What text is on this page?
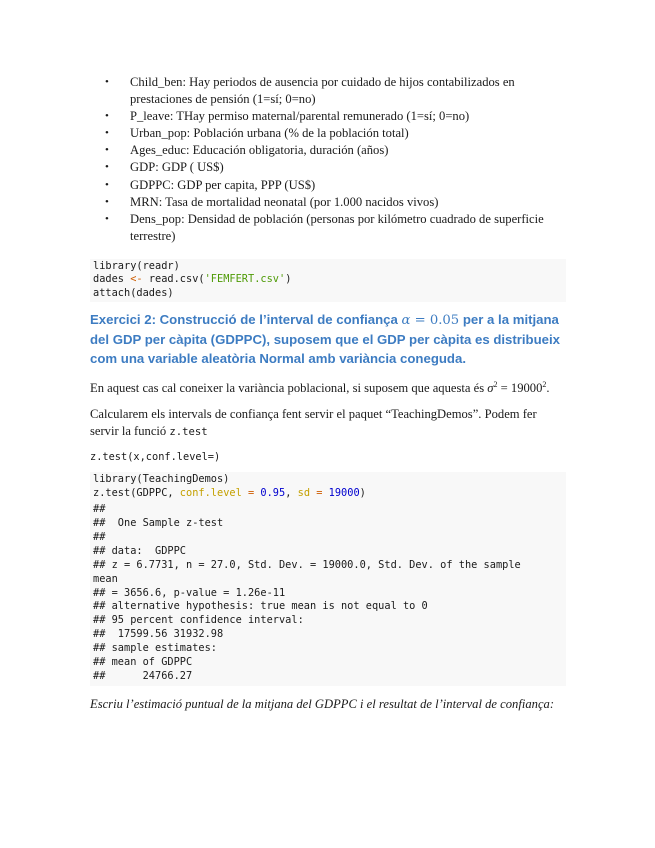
• Child_ben: Hay periodos de ausencia por cuidado de hijos contabilizados en prestaciones de pensión (1=sí; 0=no)
• P_leave: THay permiso maternal/parental remunerado (1=sí; 0=no)
• Urban_pop: Población urbana (% de la población total)
• Ages_educ: Educación obligatoria, duración (años)
• GDP: GDP ( US$)
• GDPPC: GDP per capita, PPP (US$)
• MRN: Tasa de mortalidad neonatal (por 1.000 nacidos vivos)
• Dens_pop: Densidad de población (personas por kilómetro cuadrado de superficie terrestre)
library(readr)
dades <- read.csv('FEMFERT.csv')
attach(dades)
Exercici 2: Construcció de l’interval de confiança α = 0.05 per a la mitjana del GDP per càpita (GDPPC), suposem que el GDP per càpita es distribueix com una variable aleatòria Normal amb variància coneguda.

En aquest cas cal coneixer la variància poblacional, si suposem que aquesta és $\sigma^2 = 19000^2$.

Calcularem els intervals de confiança fent servir el paquet “TeachingDemos”. Podem fer servir la funció z.test

z.test(x,conf.level=)
library(TeachingDemos)
z.test(GDPPC, conf.level = 0.95, sd = 19000)
##
##  One Sample z-test
##
## data:  GDPPC
## z = 6.7731, n = 27.0, Std. Dev. = 19000.0, Std. Dev. of the sample
mean
## = 3656.6, p-value = 1.26e-11
## alternative hypothesis: true mean is not equal to 0
## 95 percent confidence interval:
##  17599.56 31932.98
## sample estimates:
## mean of GDPPC
##      24766.27

Escriu l’estimació puntual de la mitjana del GDPPC i el resultat de l’interval de confiança:
